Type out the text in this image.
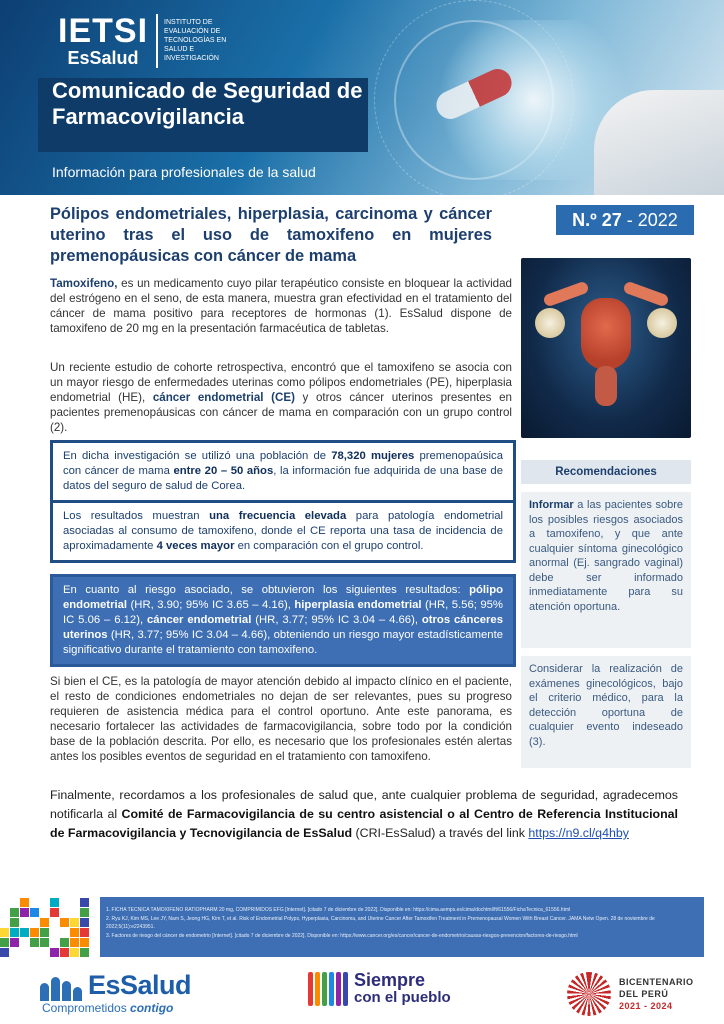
IETSI
EsSalud
INSTITUTO DE EVALUACIÓN DE TECNOLOGÍAS EN SALUD E INVESTIGACIÓN
Comunicado de Seguridad de Farmacovigilancia
Información para profesionales de la salud
Pólipos endometriales, hiperplasia, carcinoma y cáncer uterino tras el uso de tamoxifeno en mujeres premenopáusicas con cáncer de mama
N.º 27 - 2022
Tamoxifeno, es un medicamento cuyo pilar terapéutico consiste en bloquear la actividad del estrógeno en el seno, de esta manera, muestra gran efectividad en el tratamiento del cáncer de mama positivo para receptores de hormonas (1). EsSalud dispone de tamoxifeno de 20 mg en la presentación farmacéutica de tabletas.
Un reciente estudio de cohorte retrospectiva, encontró que el tamoxifeno se asocia con un mayor riesgo de enfermedades uterinas como pólipos endometriales (PE), hiperplasia endometrial (HE), cáncer endometrial (CE) y otros cáncer uterinos presentes en pacientes premenopáusicas con cáncer de mama en comparación con un grupo control (2).
En dicha investigación se utilizó una población de 78,320 mujeres premenopaúsica con cáncer de mama entre 20 – 50 años, la información fue adquirida de una base de datos del seguro de salud de Corea.
Los resultados muestran una frecuencia elevada para patología endometrial asociadas al consumo de tamoxifeno, donde el CE reporta una tasa de incidencia de aproximadamente 4 veces mayor en comparación con el grupo control.
En cuanto al riesgo asociado, se obtuvieron los siguientes resultados: pólipo endometrial (HR, 3.90; 95% IC 3.65 – 4.16), hiperplasia endometrial (HR, 5.56; 95% IC 5.06 – 6.12), cáncer endometrial (HR, 3.77; 95% IC 3.04 – 4.66), otros cánceres uterinos (HR, 3.77; 95% IC 3.04 – 4.66), obteniendo un riesgo mayor estadísticamente significativo durante el tratamiento con tamoxifeno.
Recomendaciones
Informar a las pacientes sobre los posibles riesgos asociados a tamoxifeno, y que ante cualquier síntoma ginecológico anormal (Ej. sangrado vaginal) debe ser informado inmediatamente para su atención oportuna.
Considerar la realización de exámenes ginecológicos, bajo el criterio médico, para la detección oportuna de cualquier evento indeseado (3).
Si bien el CE, es la patología de mayor atención debido al impacto clínico en el paciente, el resto de condiciones endometriales no dejan de ser relevantes, pues su progreso requieren de asistencia médica para el control oportuno. Ante este panorama, es necesario fortalecer las actividades de farmacovigilancia, sobre todo por la condición base de la población descrita. Por ello, es necesario que los profesionales estén alertas antes los posibles eventos de seguridad en el tratamiento con tamoxifeno.
Finalmente, recordamos a los profesionales de salud que, ante cualquier problema de seguridad, agradecemos notificarla al Comité de Farmacovigilancia de su centro asistencial o al Centro de Referencia Institucional de Farmacovigilancia y Tecnovigilancia de EsSalud (CRI-EsSalud) a través del link https://n9.cl/q4hby
1. FICHA TECNICA TAMOXIFENO RATIOPHARM 20 mg, COMPRIMIDOS EFG [Internet]. [citado 7 de diciembre de 2022]. Disponible en: https://cima.aemps.es/cima/dochtml/ft/61556/FichaTecnica_61556.html
2. Ryu KJ, Kim MS, Lee JY, Nam S, Jeong HG, Kim T, et al. Risk of Endometrial Polyps, Hyperplasia, Carcinoma, and Uterine Cancer After Tamoxifen Treatment in Premenopausal Women With Breast Cancer. JAMA Netw Open. 28 de noviembre de 2022;5(11):e2243951.
3. Factores de riesgo del cáncer de endometrio [Internet]. [citado 7 de diciembre de 2022]. Disponible en: https://www.cancer.org/es/cancer/cancer-de-endometrio/causas-riesgos-prevencion/factores-de-riesgo.html
EsSalud
Comprometidos contigo
Siempre
con el pueblo
BICENTENARIO
DEL PERÚ
2021 - 2024
